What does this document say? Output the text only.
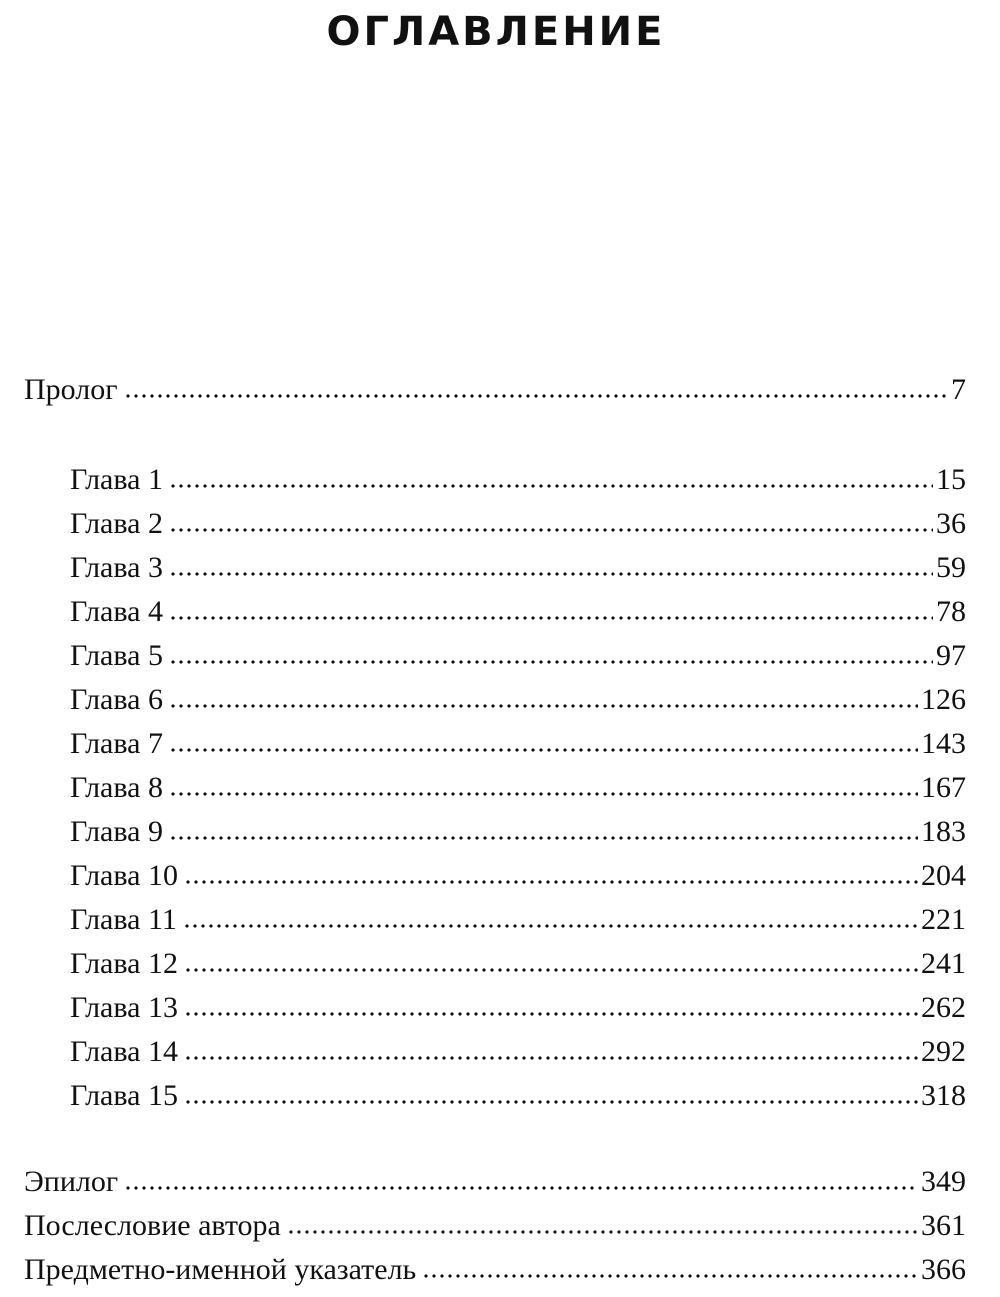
ОГЛАВЛЕНИЕ
Пролог	7
Глава 1	15
Глава 2	36
Глава 3	59
Глава 4	78
Глава 5	97
Глава 6	126
Глава 7	143
Глава 8	167
Глава 9	183
Глава 10	204
Глава 11	221
Глава 12	241
Глава 13	262
Глава 14	292
Глава 15	318
Эпилог	349
Послесловие автора	361
Предметно-именной указатель	366
